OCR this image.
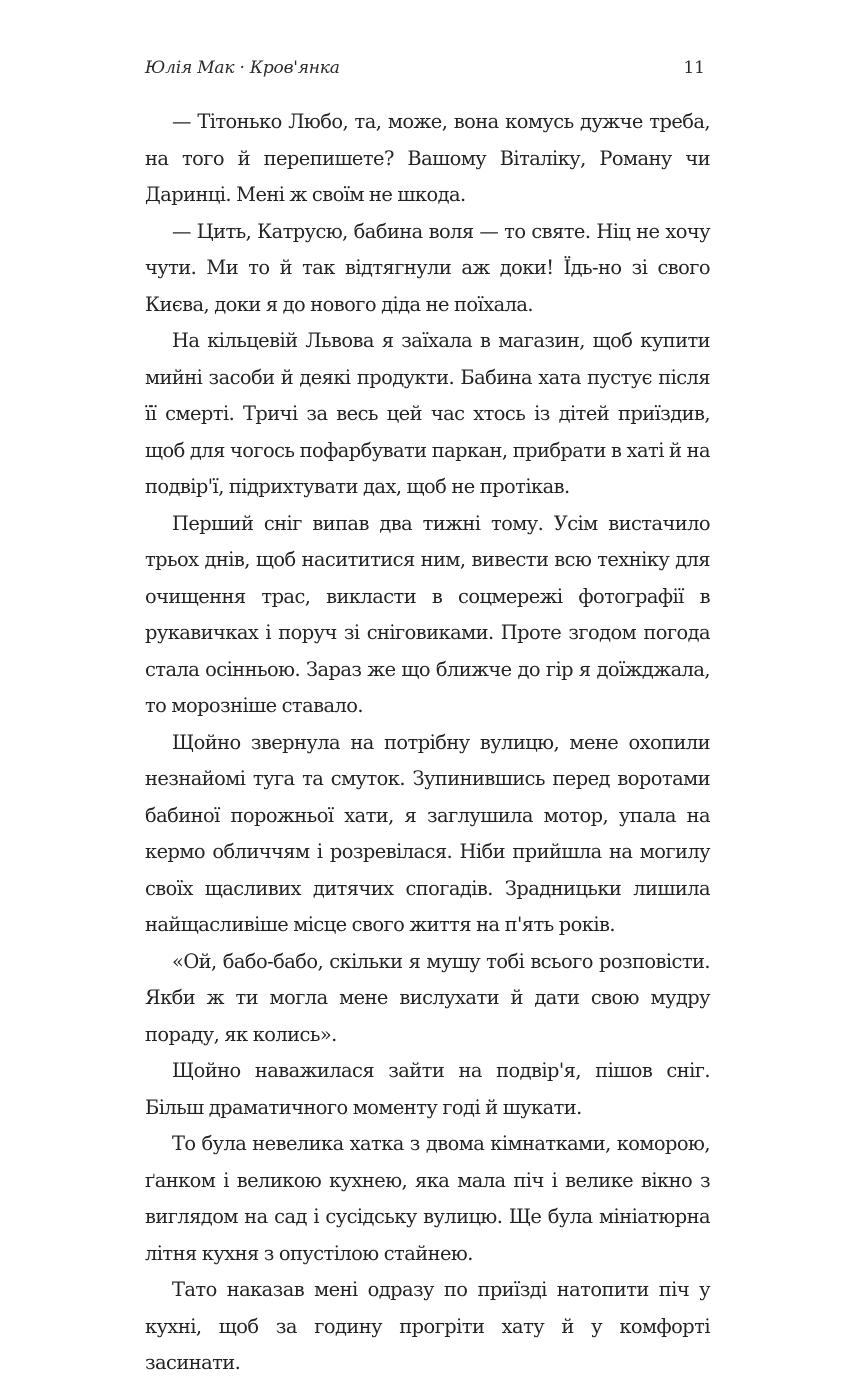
Юлія Мак · Кров'янка	11

— Тітонько Любо, та, може, вона комусь дужче треба, на того й перепишете? Вашому Віталіку, Роману чи Даринці. Мені ж своїм не шкода.

— Цить, Катрусю, бабина воля — то святе. Ніц не хочу чути. Ми то й так відтягнули аж доки! Їдь-но зі свого Києва, доки я до нового діда не поїхала.

На кільцевій Львова я заїхала в магазин, щоб купити мийні засоби й деякі продукти. Бабина хата пустує після її смерті. Тричі за весь цей час хтось із дітей приїздив, щоб для чогось пофарбувати паркан, прибрати в хаті й на подвір'ї, підрихтувати дах, щоб не протікав.

Перший сніг випав два тижні тому. Усім вистачило трьох днів, щоб насититися ним, вивести всю техніку для очищення трас, викласти в соцмережі фотографії в рукавичках і поруч зі сніговиками. Проте згодом погода стала осінньою. Зараз же що ближче до гір я доїжджала, то морозніше ставало.

Щойно звернула на потрібну вулицю, мене охопили незнайомі туга та смуток. Зупинившись перед воротами бабиної порожньої хати, я заглушила мотор, упала на кермо обличчям і розревілася. Ніби прийшла на могилу своїх щасливих дитячих спогадів. Зрадницьки лишила найщасливіше місце свого життя на п'ять років.

«Ой, бабо-бабо, скільки я мушу тобі всього розповісти. Якби ж ти могла мене вислухати й дати свою мудру пораду, як колись».

Щойно наважилася зайти на подвір'я, пішов сніг. Більш драматичного моменту годі й шукати.

То була невелика хатка з двома кімнатками, коморою, ґанком і великою кухнею, яка мала піч і велике вікно з виглядом на сад і сусідську вулицю. Ще була мініатюрна літня кухня з опустілою стайнею.

Тато наказав мені одразу по приїзді натопити піч у кухні, щоб за годину прогріти хату й у комфорті засинати.
